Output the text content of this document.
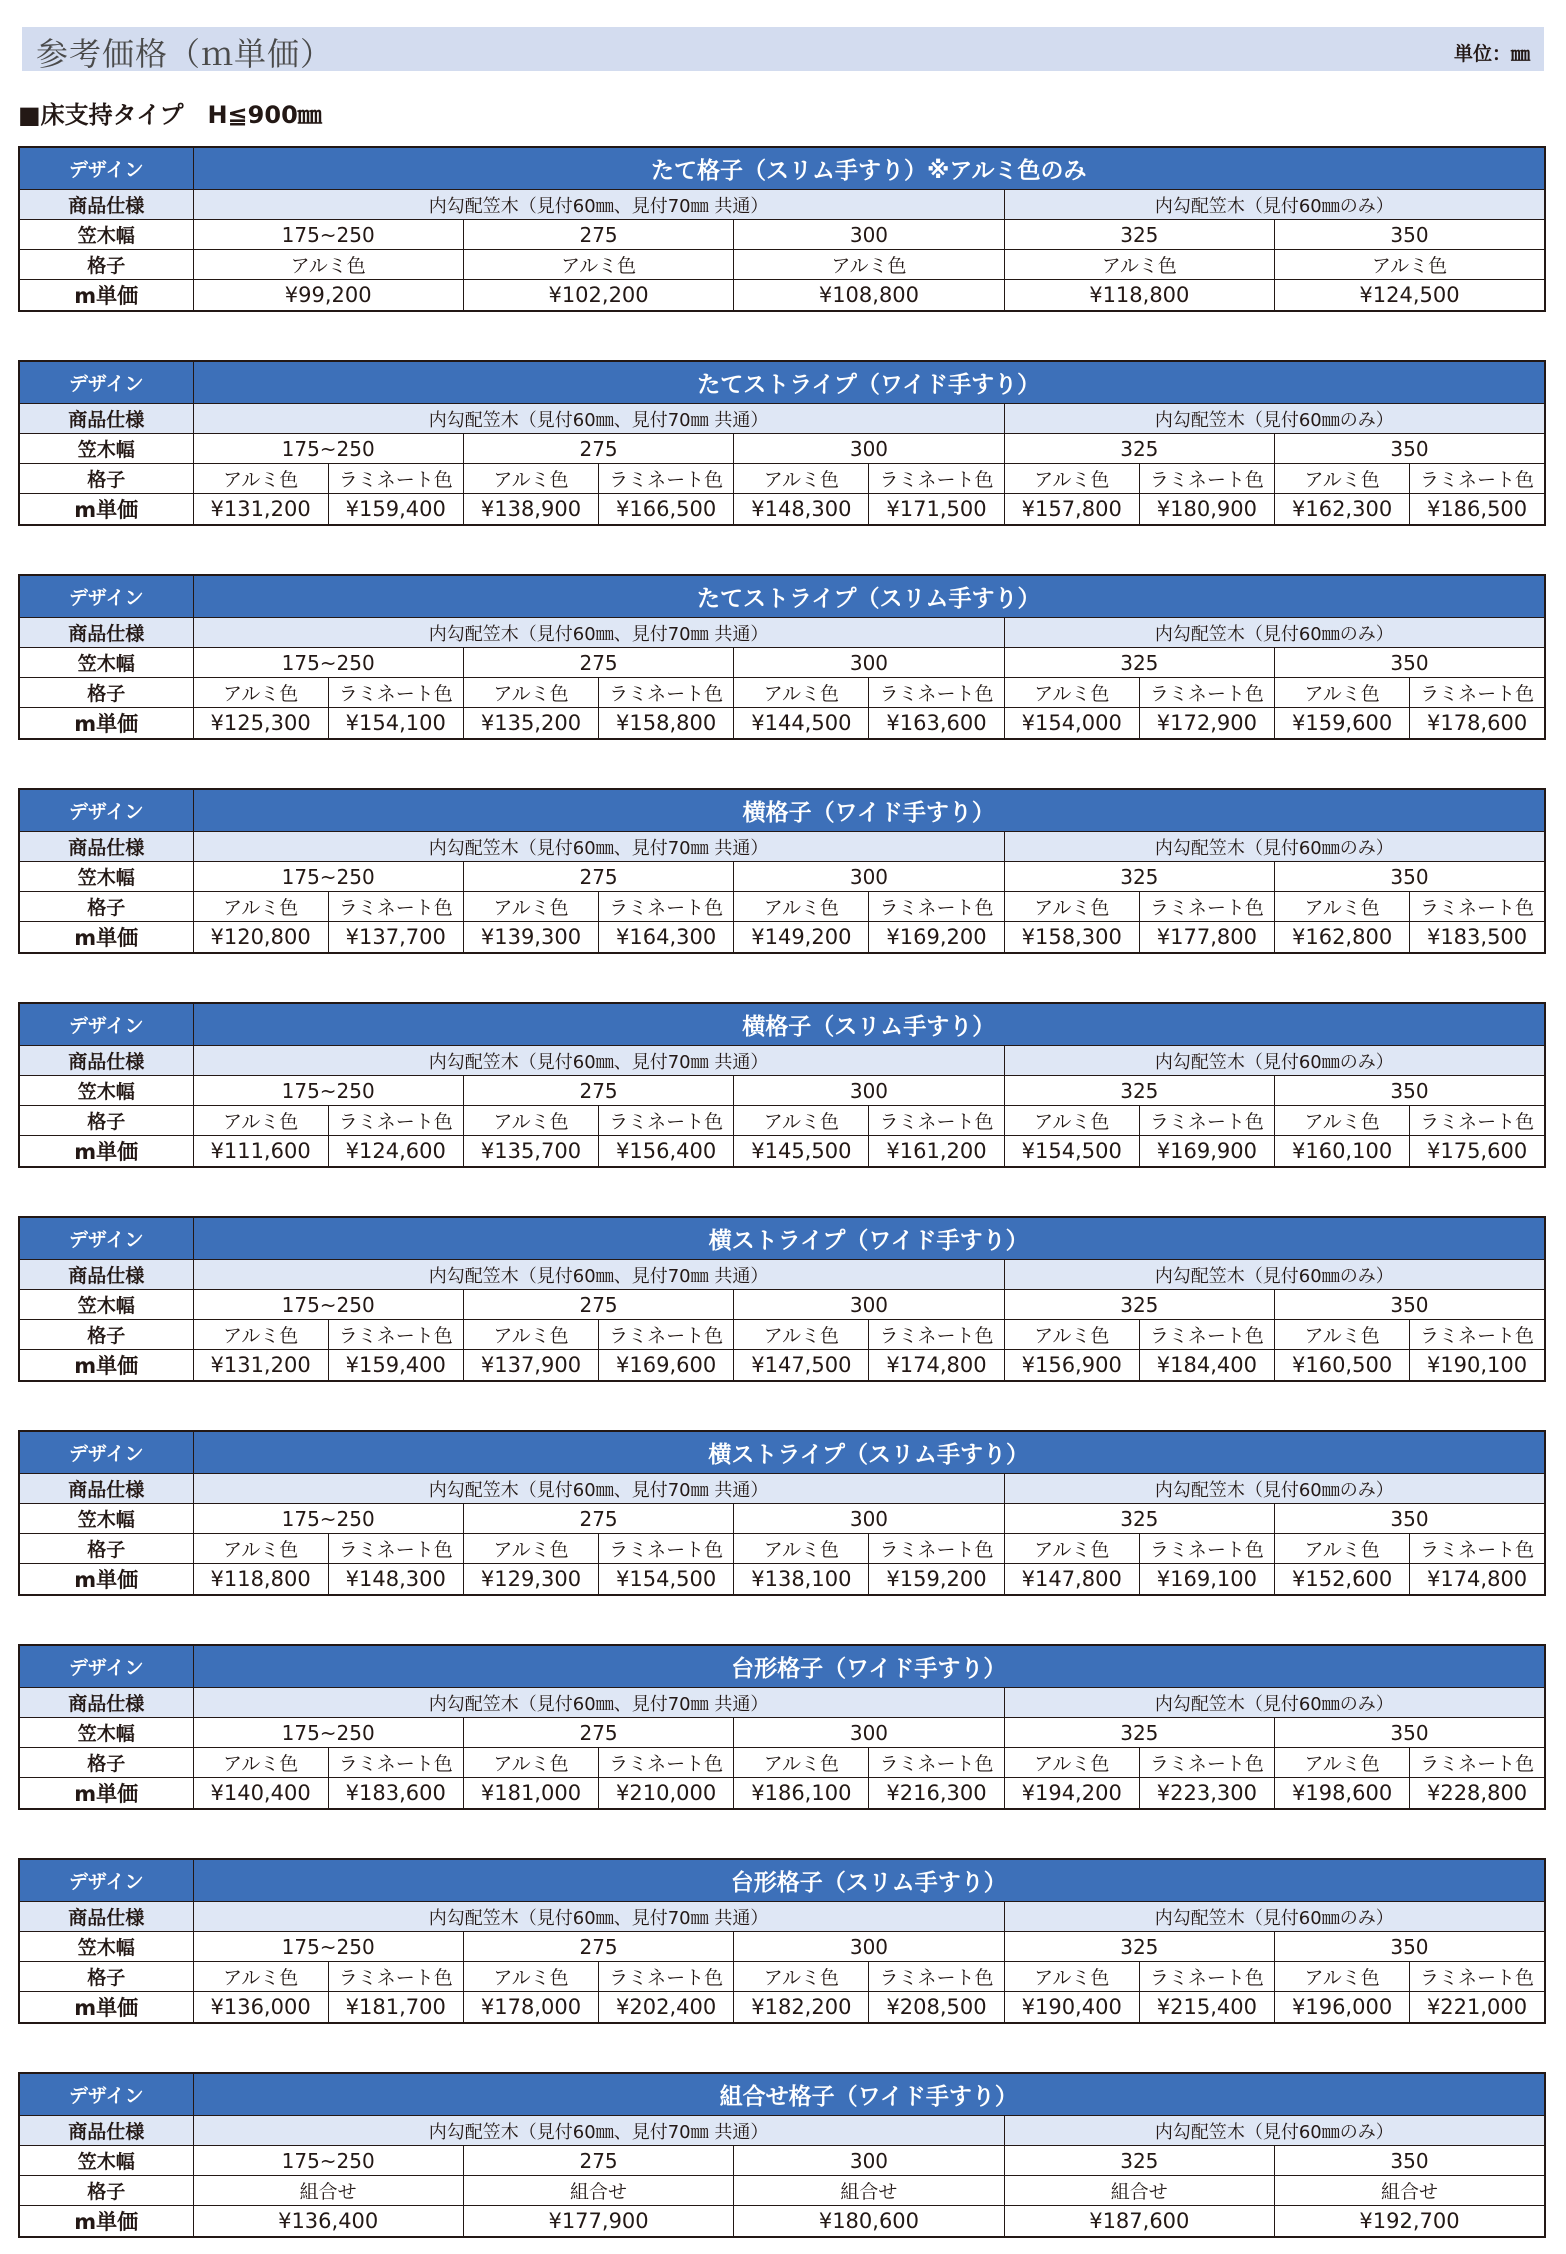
参考価格（ｍ単価）	単位：㎜
■床支持タイプ　H≦900㎜
デザイン	たて格子（スリム手すり）※アルミ色のみ				
商品仕様	内勾配笠木（見付60㎜、見付70㎜ 共通）			内勾配笠木（見付60㎜のみ）	
笠木幅	175~250	275	300	325	350
格子	アルミ色	アルミ色	アルミ色	アルミ色	アルミ色
m単価	¥99,200	¥102,200	¥108,800	¥118,800	¥124,500
デザイン	たてストライプ（ワイド手すり）									
商品仕様	内勾配笠木（見付60㎜、見付70㎜ 共通）						内勾配笠木（見付60㎜のみ）			
笠木幅	175~250		275		300		325		350	
格子	アルミ色	ラミネート色	アルミ色	ラミネート色	アルミ色	ラミネート色	アルミ色	ラミネート色	アルミ色	ラミネート色
m単価	¥131,200	¥159,400	¥138,900	¥166,500	¥148,300	¥171,500	¥157,800	¥180,900	¥162,300	¥186,500
デザイン	たてストライプ（スリム手すり）									
商品仕様	内勾配笠木（見付60㎜、見付70㎜ 共通）						内勾配笠木（見付60㎜のみ）			
笠木幅	175~250		275		300		325		350	
格子	アルミ色	ラミネート色	アルミ色	ラミネート色	アルミ色	ラミネート色	アルミ色	ラミネート色	アルミ色	ラミネート色
m単価	¥125,300	¥154,100	¥135,200	¥158,800	¥144,500	¥163,600	¥154,000	¥172,900	¥159,600	¥178,600
デザイン	横格子（ワイド手すり）									
商品仕様	内勾配笠木（見付60㎜、見付70㎜ 共通）						内勾配笠木（見付60㎜のみ）			
笠木幅	175~250		275		300		325		350	
格子	アルミ色	ラミネート色	アルミ色	ラミネート色	アルミ色	ラミネート色	アルミ色	ラミネート色	アルミ色	ラミネート色
m単価	¥120,800	¥137,700	¥139,300	¥164,300	¥149,200	¥169,200	¥158,300	¥177,800	¥162,800	¥183,500
デザイン	横格子（スリム手すり）									
商品仕様	内勾配笠木（見付60㎜、見付70㎜ 共通）						内勾配笠木（見付60㎜のみ）			
笠木幅	175~250		275		300		325		350	
格子	アルミ色	ラミネート色	アルミ色	ラミネート色	アルミ色	ラミネート色	アルミ色	ラミネート色	アルミ色	ラミネート色
m単価	¥111,600	¥124,600	¥135,700	¥156,400	¥145,500	¥161,200	¥154,500	¥169,900	¥160,100	¥175,600
デザイン	横ストライプ（ワイド手すり）									
商品仕様	内勾配笠木（見付60㎜、見付70㎜ 共通）						内勾配笠木（見付60㎜のみ）			
笠木幅	175~250		275		300		325		350	
格子	アルミ色	ラミネート色	アルミ色	ラミネート色	アルミ色	ラミネート色	アルミ色	ラミネート色	アルミ色	ラミネート色
m単価	¥131,200	¥159,400	¥137,900	¥169,600	¥147,500	¥174,800	¥156,900	¥184,400	¥160,500	¥190,100
デザイン	横ストライプ（スリム手すり）									
商品仕様	内勾配笠木（見付60㎜、見付70㎜ 共通）						内勾配笠木（見付60㎜のみ）			
笠木幅	175~250		275		300		325		350	
格子	アルミ色	ラミネート色	アルミ色	ラミネート色	アルミ色	ラミネート色	アルミ色	ラミネート色	アルミ色	ラミネート色
m単価	¥118,800	¥148,300	¥129,300	¥154,500	¥138,100	¥159,200	¥147,800	¥169,100	¥152,600	¥174,800
デザイン	台形格子（ワイド手すり）									
商品仕様	内勾配笠木（見付60㎜、見付70㎜ 共通）						内勾配笠木（見付60㎜のみ）			
笠木幅	175~250		275		300		325		350	
格子	アルミ色	ラミネート色	アルミ色	ラミネート色	アルミ色	ラミネート色	アルミ色	ラミネート色	アルミ色	ラミネート色
m単価	¥140,400	¥183,600	¥181,000	¥210,000	¥186,100	¥216,300	¥194,200	¥223,300	¥198,600	¥228,800
デザイン	台形格子（スリム手すり）									
商品仕様	内勾配笠木（見付60㎜、見付70㎜ 共通）						内勾配笠木（見付60㎜のみ）			
笠木幅	175~250		275		300		325		350	
格子	アルミ色	ラミネート色	アルミ色	ラミネート色	アルミ色	ラミネート色	アルミ色	ラミネート色	アルミ色	ラミネート色
m単価	¥136,000	¥181,700	¥178,000	¥202,400	¥182,200	¥208,500	¥190,400	¥215,400	¥196,000	¥221,000
デザイン	組合せ格子（ワイド手すり）				
商品仕様	内勾配笠木（見付60㎜、見付70㎜ 共通）			内勾配笠木（見付60㎜のみ）	
笠木幅	175~250	275	300	325	350
格子	組合せ	組合せ	組合せ	組合せ	組合せ
m単価	¥136,400	¥177,900	¥180,600	¥187,600	¥192,700
